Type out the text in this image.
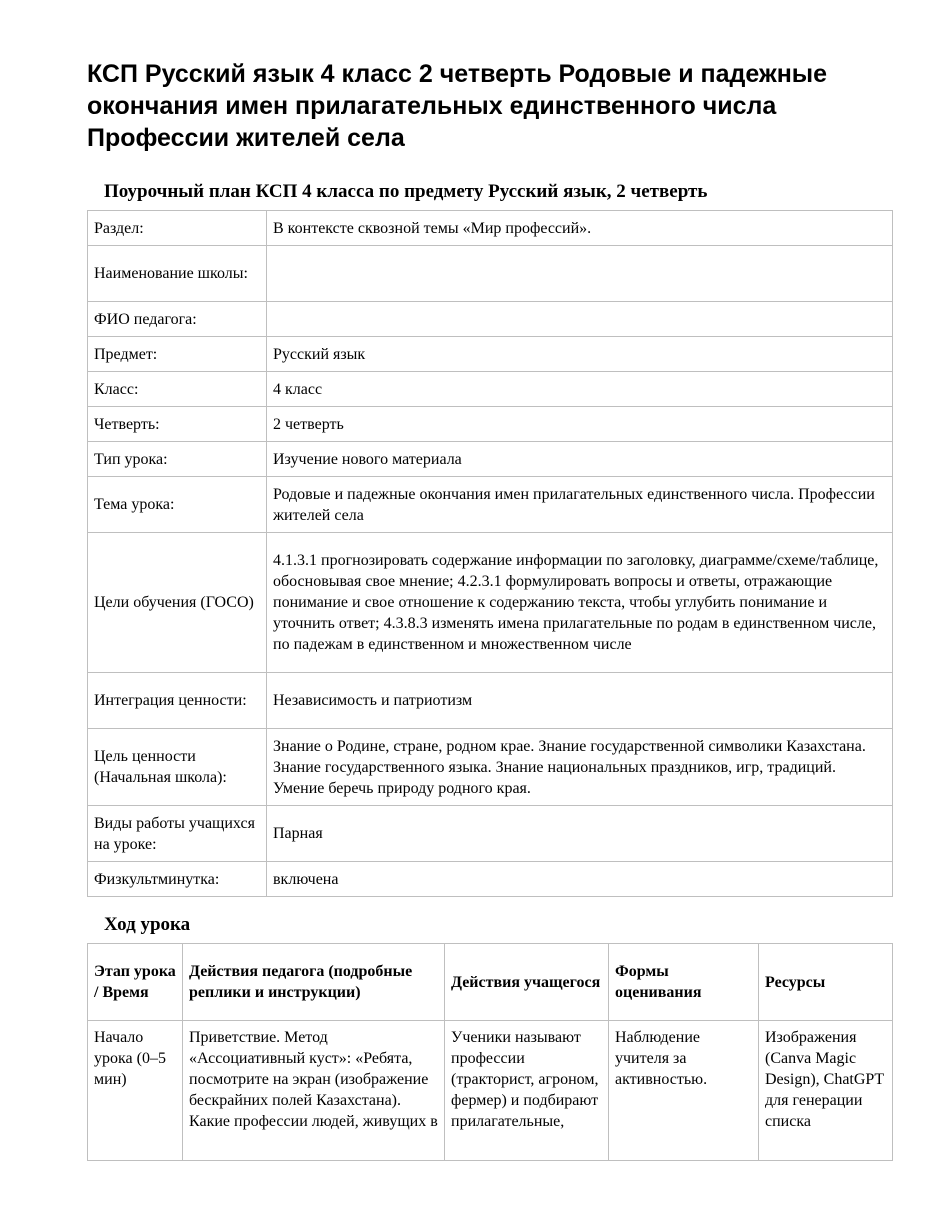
КСП Русский язык 4 класс 2 четверть Родовые и падежные окончания имен прилагательных единственного числа Профессии жителей села
Поурочный план КСП 4 класса по предмету Русский язык, 2 четверть
Раздел:	В контексте сквозной темы «Мир профессий».
Наименование школы:	
ФИО педагога:	
Предмет:	Русский язык
Класс:	4 класс
Четверть:	2 четверть
Тип урока:	Изучение нового материала
Тема урока:	Родовые и падежные окончания имен прилагательных единственного числа. Профессии жителей села
Цели обучения (ГОСО)	4.1.3.1 прогнозировать содержание информации по заголовку, диаграмме/схеме/таблице, обосновывая свое мнение; 4.2.3.1 формулировать вопросы и ответы, отражающие понимание и свое отношение к содержанию текста, чтобы углубить понимание и уточнить ответ; 4.3.8.3 изменять имена прилагательные по родам в единственном числе, по падежам в единственном и множественном числе
Интеграция ценности:	Независимость и патриотизм
Цель ценности (Начальная школа):	Знание о Родине, стране, родном крае. Знание государственной символики Казахстана. Знание государственного языка. Знание национальных праздников, игр, традиций. Умение беречь природу родного края.
Виды работы учащихся на уроке:	Парная
Физкультминутка:	включена
Ход урока
Этап урока / Время	Действия педагога (подробные реплики и инструкции)	Действия учащегося	Формы оценивания	Ресурсы
Начало урока (0–5 мин)	Приветствие. Метод «Ассоциативный куст»: «Ребята, посмотрите на экран (изображение бескрайних полей Казахстана). Какие профессии людей, живущих в	Ученики называют профессии (тракторист, агроном, фермер) и подбирают прилагательные,	Наблюдение учителя за активностью.	Изображения (Canva Magic Design), ChatGPT для генерации списка
